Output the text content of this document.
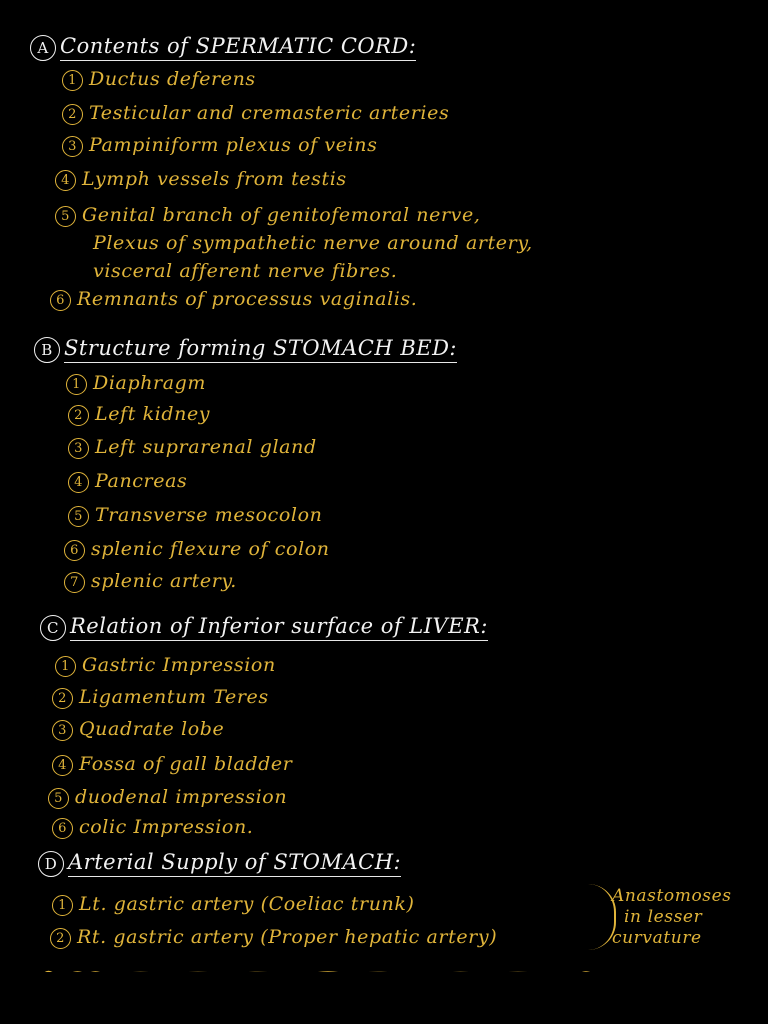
A Contents of SPERMATIC CORD:
1 Ductus deferens
2 Testicular and cremasteric arteries
3 Pampiniform plexus of veins
4 Lymph vessels from testis
5 Genital branch of genitofemoral nerve,
Plexus of sympathetic nerve around artery,
visceral afferent nerve fibres.
6 Remnants of processus vaginalis.
B Structure forming STOMACH BED:
1 Diaphragm
2 Left kidney
3 Left suprarenal gland
4 Pancreas
5 Transverse mesocolon
6 splenic flexure of colon
7 splenic artery.
C Relation of Inferior surface of LIVER:
1 Gastric Impression
2 Ligamentum Teres
3 Quadrate lobe
4 Fossa of gall bladder
5 duodenal impression
6 colic Impression.
D Arterial Supply of STOMACH:
1 Lt. gastric artery (Coeliac trunk)
2 Rt. gastric artery (Proper hepatic artery)
Anastomoses
in lesser
curvature
